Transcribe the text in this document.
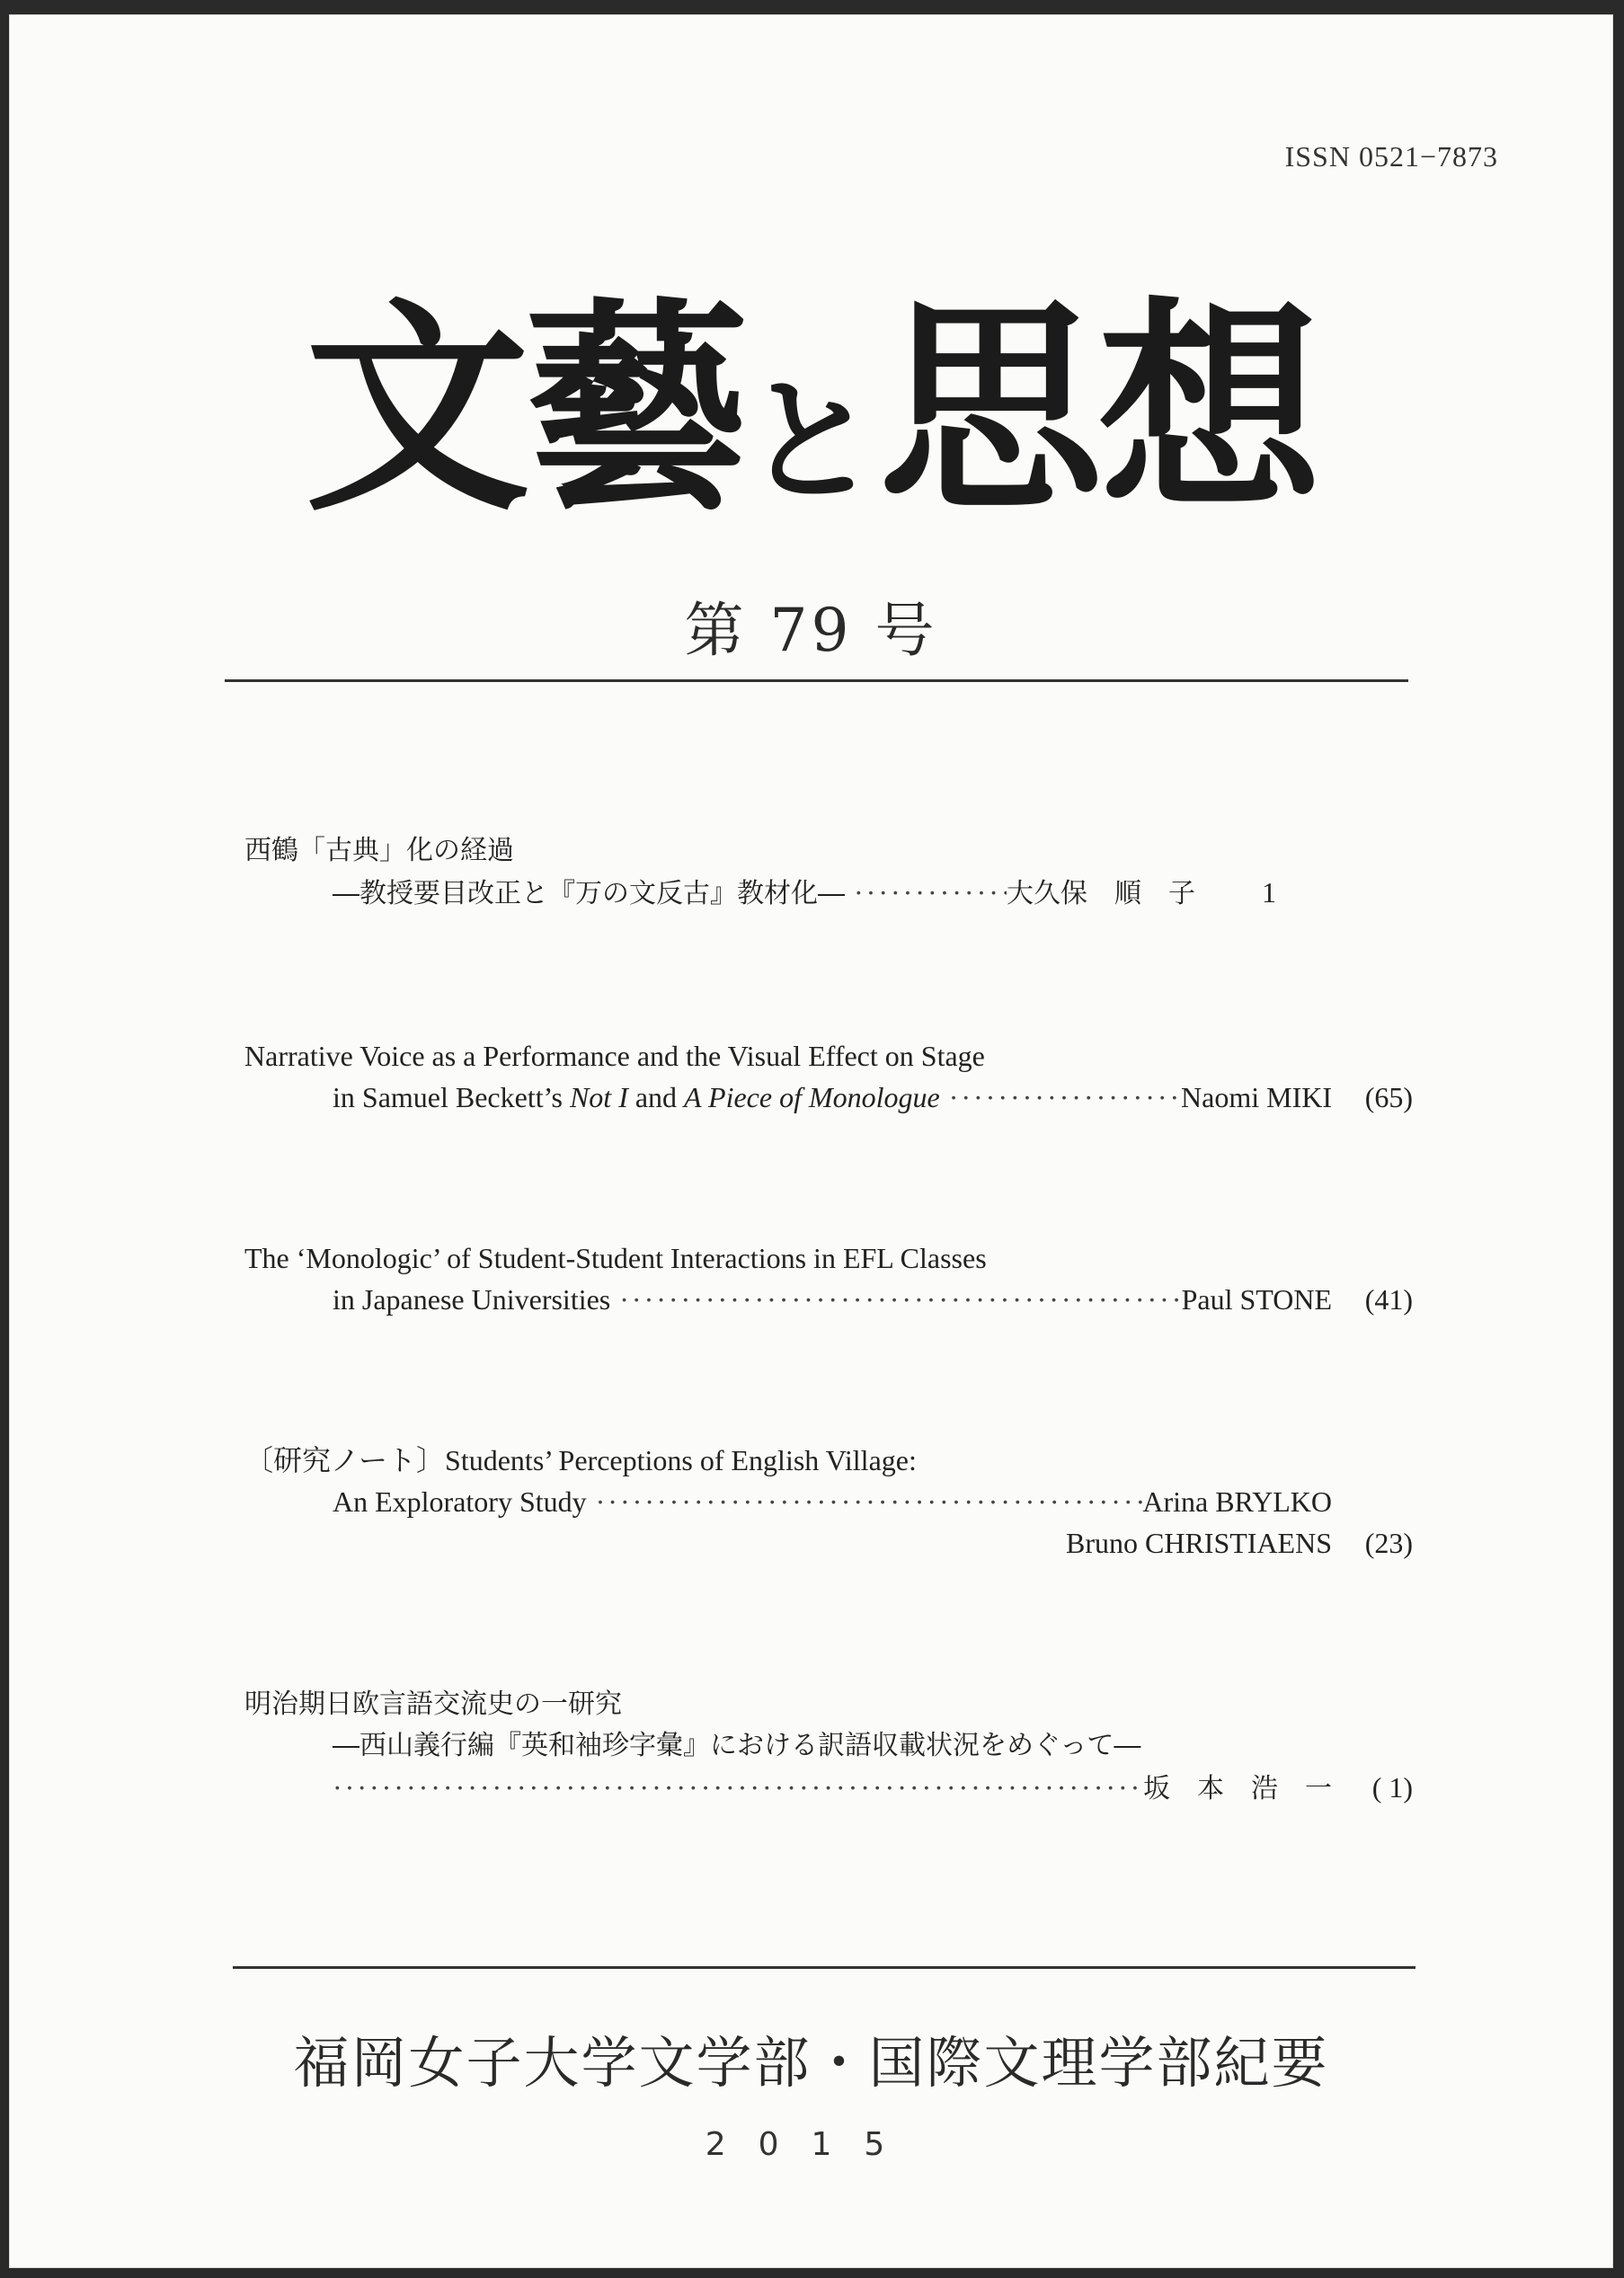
ISSN 0521−7873
文藝と思想
第 79 号
西鶴「古典」化の経過
―教授要目改正と『万の文反古』教材化― ·····	大久保　順　子	1
Narrative Voice as a Performance and the Visual Effect on Stage
in Samuel Beckett’s Not I and A Piece of Monologue ·····	Naomi MIKI	(65)
The ‘Monologic’ of Student-Student Interactions in EFL Classes
in Japanese Universities ·····	Paul STONE	(41)
〔研究ノート〕Students’ Perceptions of English Village:
An Exploratory Study ·····	Arina BRYLKO
Bruno CHRISTIAENS	(23)
明治期日欧言語交流史の一研究
―西山義行編『英和袖珍字彙』における訳語収載状況をめぐって―
·····
坂　本　浩　一	( 1)
福岡女子大学文学部・国際文理学部紀要
2015
